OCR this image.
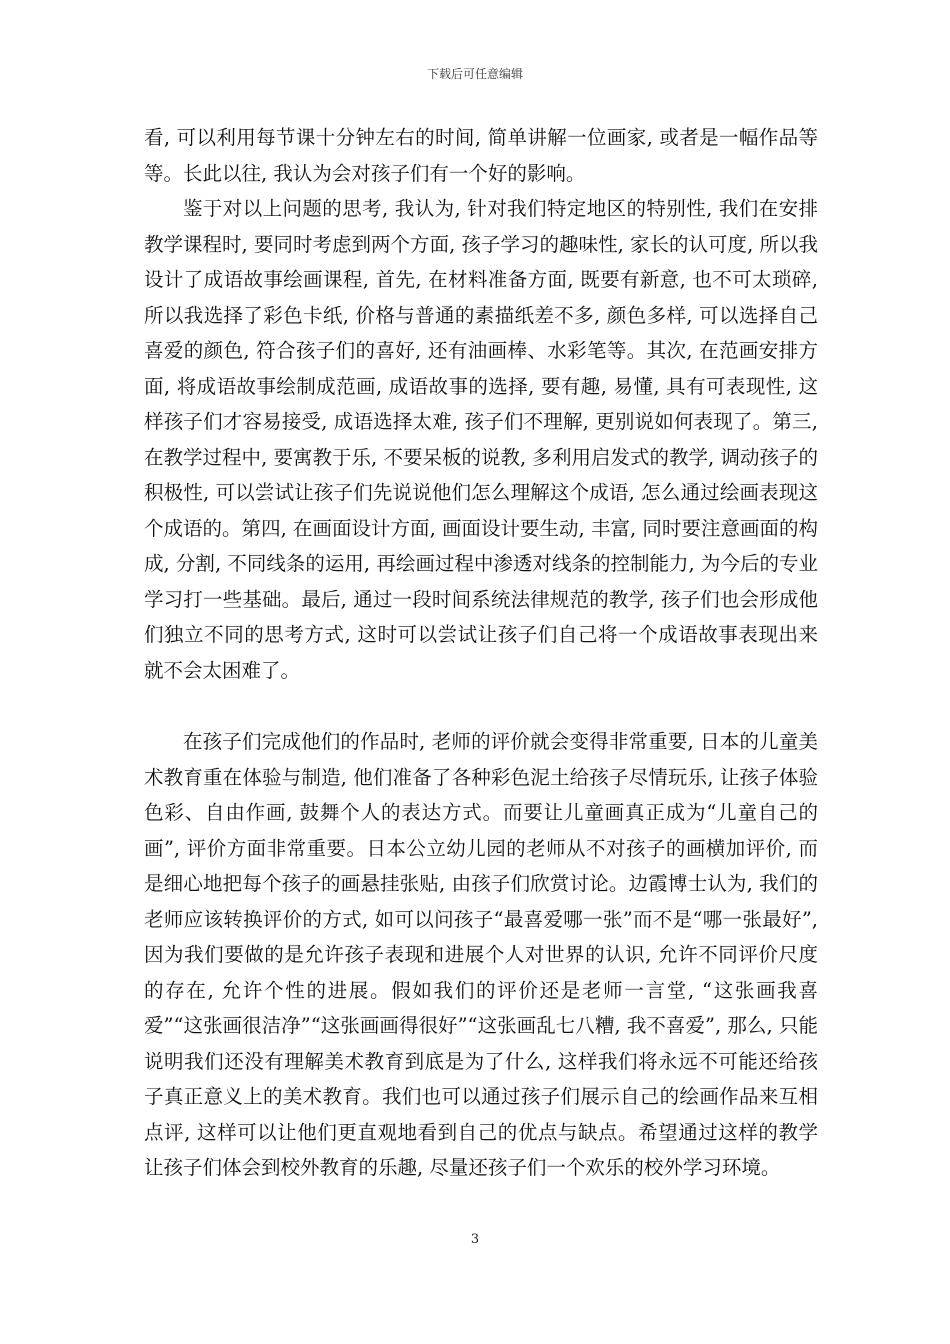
下载后可任意编辑

看, 可以利用每节课十分钟左右的时间, 简单讲解一位画家, 或者是一幅作品等等。长此以往, 我认为会对孩子们有一个好的影响。

鉴于对以上问题的思考, 我认为, 针对我们特定地区的特别性, 我们在安排教学课程时, 要同时考虑到两个方面, 孩子学习的趣味性, 家长的认可度, 所以我设计了成语故事绘画课程, 首先, 在材料准备方面, 既要有新意, 也不可太琐碎, 所以我选择了彩色卡纸, 价格与普通的素描纸差不多, 颜色多样, 可以选择自己喜爱的颜色, 符合孩子们的喜好, 还有油画棒、水彩笔等。其次, 在范画安排方面, 将成语故事绘制成范画, 成语故事的选择, 要有趣, 易懂, 具有可表现性, 这样孩子们才容易接受, 成语选择太难, 孩子们不理解, 更别说如何表现了。第三, 在教学过程中, 要寓教于乐, 不要呆板的说教, 多利用启发式的教学, 调动孩子的积极性, 可以尝试让孩子们先说说他们怎么理解这个成语, 怎么通过绘画表现这个成语的。第四, 在画面设计方面, 画面设计要生动, 丰富, 同时要注意画面的构成, 分割, 不同线条的运用, 再绘画过程中渗透对线条的控制能力, 为今后的专业学习打一些基础。最后, 通过一段时间系统法律规范的教学, 孩子们也会形成他们独立不同的思考方式, 这时可以尝试让孩子们自己将一个成语故事表现出来就不会太困难了。

在孩子们完成他们的作品时, 老师的评价就会变得非常重要, 日本的儿童美术教育重在体验与制造, 他们准备了各种彩色泥土给孩子尽情玩乐, 让孩子体验色彩、自由作画, 鼓舞个人的表达方式。而要让儿童画真正成为“儿童自己的画”, 评价方面非常重要。日本公立幼儿园的老师从不对孩子的画横加评价, 而是细心地把每个孩子的画悬挂张贴, 由孩子们欣赏讨论。边霞博士认为, 我们的老师应该转换评价的方式, 如可以问孩子“最喜爱哪一张”而不是“哪一张最好”, 因为我们要做的是允许孩子表现和进展个人对世界的认识, 允许不同评价尺度的存在, 允许个性的进展。假如我们的评价还是老师一言堂, “这张画我喜爱”“这张画很洁净”“这张画画得很好”“这张画乱七八糟, 我不喜爱”, 那么, 只能说明我们还没有理解美术教育到底是为了什么, 这样我们将永远不可能还给孩子真正意义上的美术教育。我们也可以通过孩子们展示自己的绘画作品来互相点评, 这样可以让他们更直观地看到自己的优点与缺点。希望通过这样的教学让孩子们体会到校外教育的乐趣, 尽量还孩子们一个欢乐的校外学习环境。

3
